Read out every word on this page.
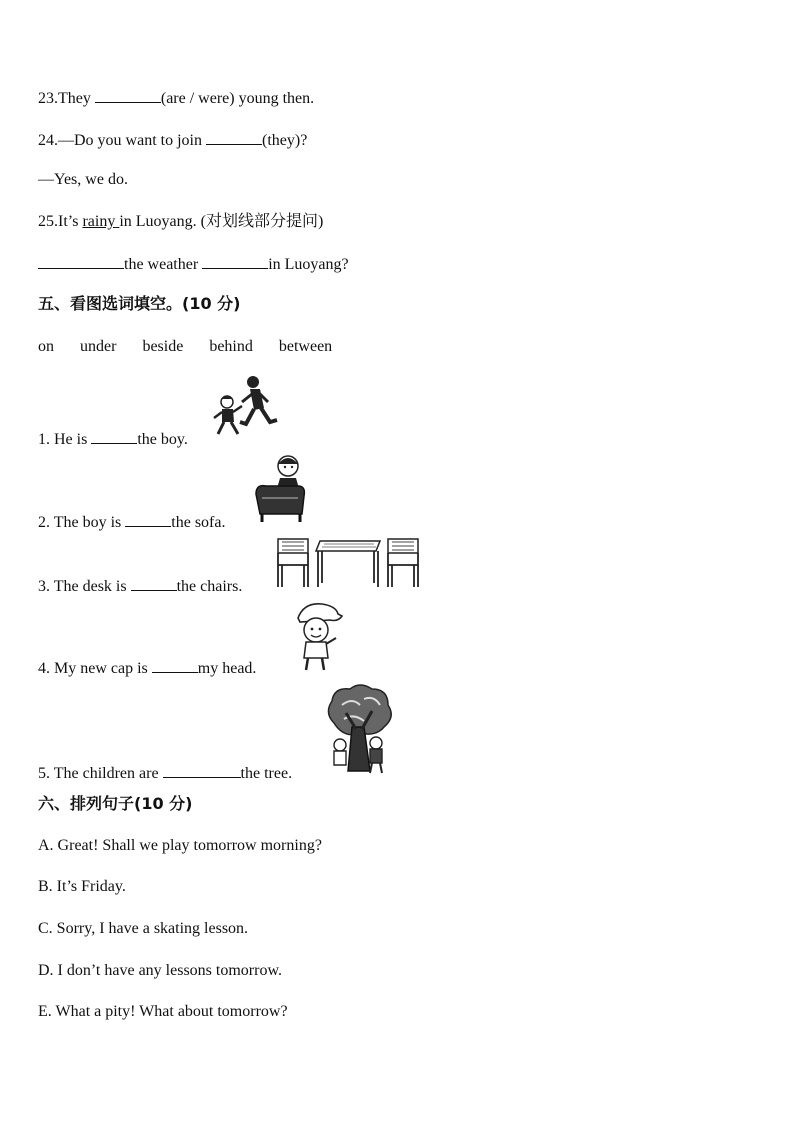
23.They	(are / were) young then.
24.—Do you want to join	(they)?
—Yes, we do.
25.It’s rainy in Luoyang. (对划线部分提问)
the weather	in Luoyang?
五、看图选词填空。(10 分)
on under beside behind between
1. He is	the boy.
2. The boy is	the sofa.
3. The desk is	the chairs.
4. My new cap is	my head.
5. The children are	the tree.
六、排列句子(10 分)
A. Great! Shall we play tomorrow morning?
B. It’s Friday.
C. Sorry, I have a skating lesson.
D. I don’t have any lessons tomorrow.
E. What a pity! What about tomorrow?
